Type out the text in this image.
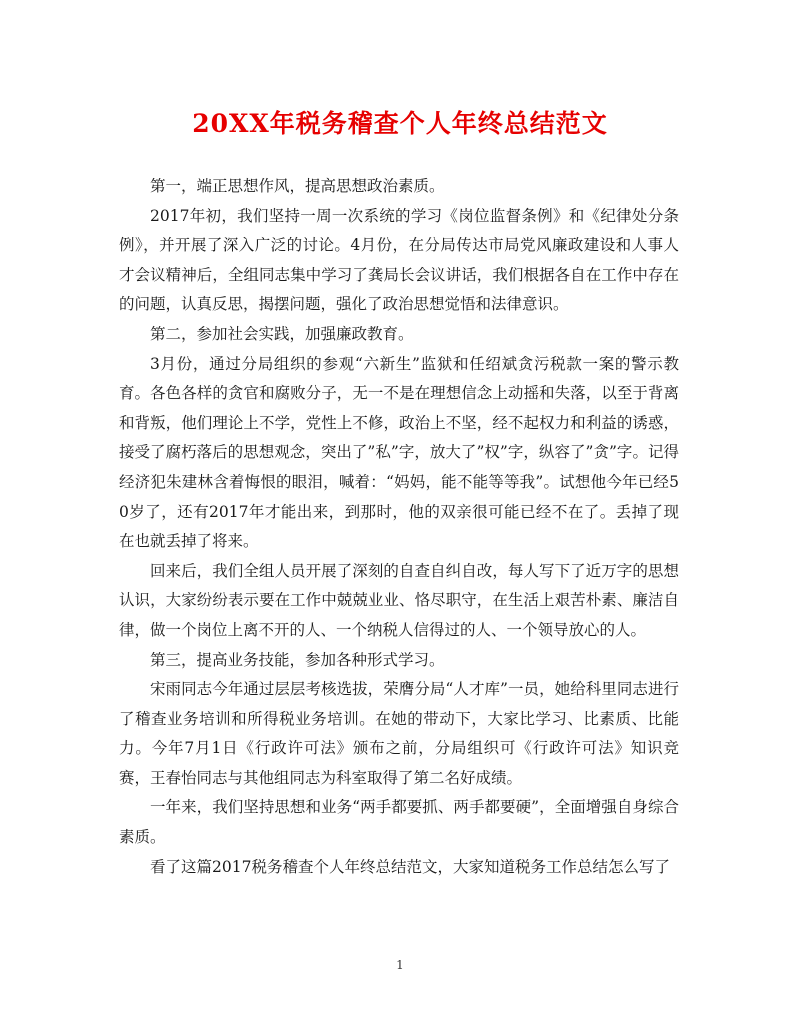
20XX年税务稽查个人年终总结范文

第一，端正思想作风，提高思想政治素质。

2017年初，我们坚持一周一次系统的学习《岗位监督条例》和《纪律处分条例》，并开展了深入广泛的讨论。4月份，在分局传达市局党风廉政建设和人事人才会议精神后，全组同志集中学习了龚局长会议讲话，我们根据各自在工作中存在的问题，认真反思，揭摆问题，强化了政治思想觉悟和法律意识。

第二，参加社会实践，加强廉政教育。

3月份，通过分局组织的参观“六新生”监狱和任绍斌贪污税款一案的警示教育。各色各样的贪官和腐败分子，无一不是在理想信念上动摇和失落，以至于背离和背叛，他们理论上不学，党性上不修，政治上不坚，经不起权力和利益的诱惑，接受了腐朽落后的思想观念，突出了”私”字，放大了”权”字，纵容了”贪”字。记得经济犯朱建林含着悔恨的眼泪，喊着：“妈妈，能不能等等我”。试想他今年已经50岁了，还有2017年才能出来，到那时，他的双亲很可能已经不在了。丢掉了现在也就丢掉了将来。

回来后，我们全组人员开展了深刻的自查自纠自改，每人写下了近万字的思想认识，大家纷纷表示要在工作中兢兢业业、恪尽职守，在生活上艰苦朴素、廉洁自律，做一个岗位上离不开的人、一个纳税人信得过的人、一个领导放心的人。

第三，提高业务技能，参加各种形式学习。

宋雨同志今年通过层层考核选拔，荣膺分局“人才库”一员，她给科里同志进行了稽查业务培训和所得税业务培训。在她的带动下，大家比学习、比素质、比能力。今年7月1日《行政许可法》颁布之前，分局组织可《行政许可法》知识竞赛，王春怡同志与其他组同志为科室取得了第二名好成绩。

一年来，我们坚持思想和业务“两手都要抓、两手都要硬”，全面增强自身综合素质。

看了这篇2017税务稽查个人年终总结范文，大家知道税务工作总结怎么写了

1
